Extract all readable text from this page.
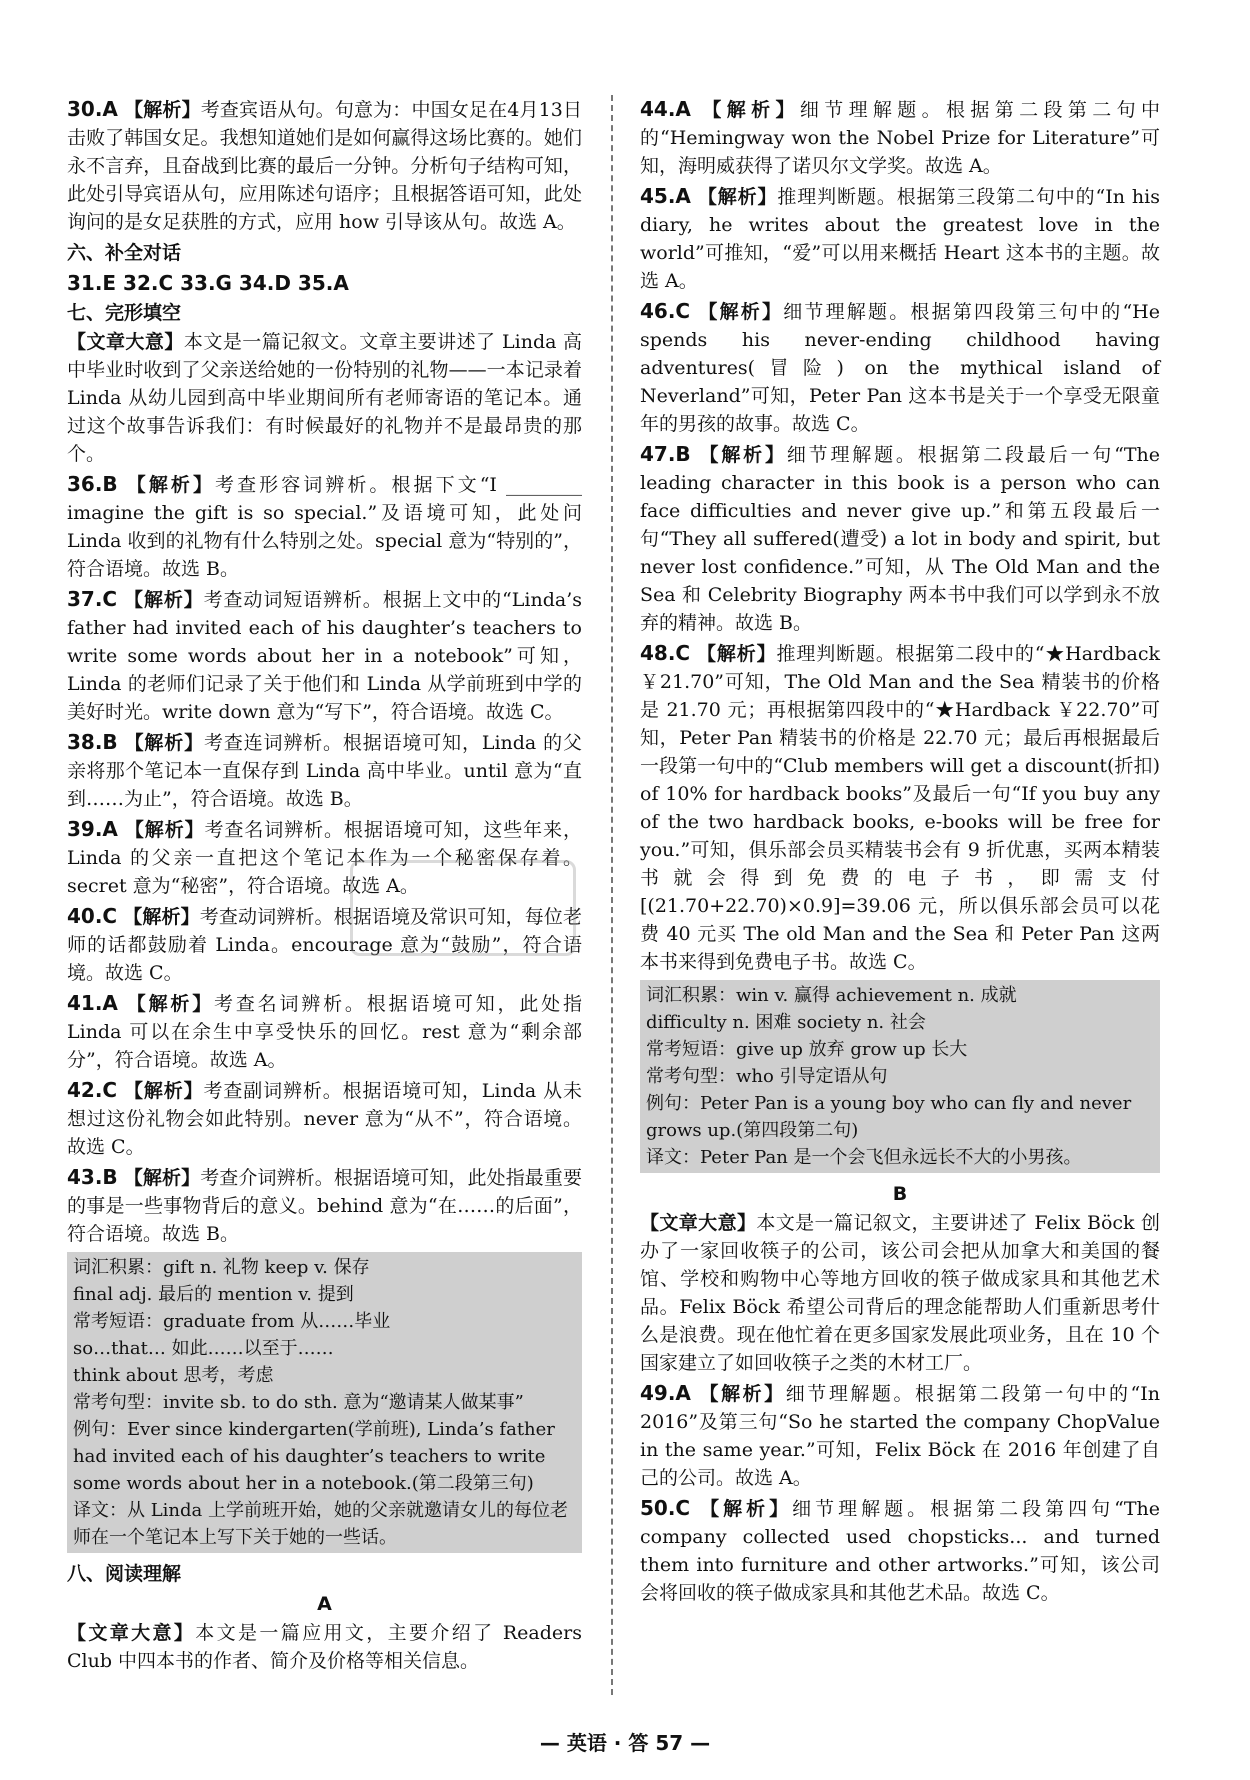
30.A 【解析】考查宾语从句。句意为：中国女足在4月13日击败了韩国女足。我想知道她们是如何赢得这场比赛的。她们永不言弃，且奋战到比赛的最后一分钟。分析句子结构可知，此处引导宾语从句，应用陈述句语序；且根据答语可知，此处询问的是女足获胜的方式，应用 how 引导该从句。故选 A。

六、补全对话

31.E 32.C 33.G 34.D 35.A

七、完形填空

【文章大意】本文是一篇记叙文。文章主要讲述了 Linda 高中毕业时收到了父亲送给她的一份特别的礼物——一本记录着 Linda 从幼儿园到高中毕业期间所有老师寄语的笔记本。通过这个故事告诉我们：有时候最好的礼物并不是最昂贵的那个。

36.B 【解析】考查形容词辨析。根据下文“I ________ imagine the gift is so special.”及语境可知，此处问 Linda 收到的礼物有什么特别之处。special 意为“特别的”，符合语境。故选 B。

37.C 【解析】考查动词短语辨析。根据上文中的“Linda’s father had invited each of his daughter’s teachers to write some words about her in a notebook”可知，Linda 的老师们记录了关于他们和 Linda 从学前班到中学的美好时光。write down 意为“写下”，符合语境。故选 C。

38.B 【解析】考查连词辨析。根据语境可知，Linda 的父亲将那个笔记本一直保存到 Linda 高中毕业。until 意为“直到……为止”，符合语境。故选 B。

39.A 【解析】考查名词辨析。根据语境可知，这些年来，Linda 的父亲一直把这个笔记本作为一个秘密保存着。secret 意为“秘密”，符合语境。故选 A。

40.C 【解析】考查动词辨析。根据语境及常识可知，每位老师的话都鼓励着 Linda。encourage 意为“鼓励”，符合语境。故选 C。

41.A 【解析】考查名词辨析。根据语境可知，此处指 Linda 可以在余生中享受快乐的回忆。rest 意为“剩余部分”，符合语境。故选 A。

42.C 【解析】考查副词辨析。根据语境可知，Linda 从未想过这份礼物会如此特别。never 意为“从不”，符合语境。故选 C。

43.B 【解析】考查介词辨析。根据语境可知，此处指最重要的事是一些事物背后的意义。behind 意为“在……的后面”，符合语境。故选 B。

词汇积累：gift n. 礼物 keep v. 保存

final adj. 最后的 mention v. 提到

常考短语：graduate from 从……毕业

so…that… 如此……以至于……

think about 思考，考虑

常考句型：invite sb. to do sth. 意为“邀请某人做某事”

例句：Ever since kindergarten(学前班), Linda’s father had invited each of his daughter’s teachers to write some words about her in a notebook.(第二段第三句)

译文：从 Linda 上学前班开始，她的父亲就邀请女儿的每位老师在一个笔记本上写下关于她的一些话。

八、阅读理解

A

【文章大意】本文是一篇应用文，主要介绍了 Readers Club 中四本书的作者、简介及价格等相关信息。

44.A 【解析】细节理解题。根据第二段第二句中的“Hemingway won the Nobel Prize for Literature”可知，海明威获得了诺贝尔文学奖。故选 A。

45.A 【解析】推理判断题。根据第三段第二句中的“In his diary, he writes about the greatest love in the world”可推知，“爱”可以用来概括 Heart 这本书的主题。故选 A。

46.C 【解析】细节理解题。根据第四段第三句中的“He spends his never-ending childhood having adventures(冒险) on the mythical island of Neverland”可知，Peter Pan 这本书是关于一个享受无限童年的男孩的故事。故选 C。

47.B 【解析】细节理解题。根据第二段最后一句“The leading character in this book is a person who can face difficulties and never give up.”和第五段最后一句“They all suffered(遭受) a lot in body and spirit, but never lost confidence.”可知，从 The Old Man and the Sea 和 Celebrity Biography 两本书中我们可以学到永不放弃的精神。故选 B。

48.C 【解析】推理判断题。根据第二段中的“★Hardback ￥21.70”可知，The Old Man and the Sea 精装书的价格是 21.70 元；再根据第四段中的“★Hardback ￥22.70”可知，Peter Pan 精装书的价格是 22.70 元；最后再根据最后一段第一句中的“Club members will get a discount(折扣) of 10% for hardback books”及最后一句“If you buy any of the two hardback books, e-books will be free for you.”可知，俱乐部会员买精装书会有 9 折优惠，买两本精装书就会得到免费的电子书，即需支付[(21.70+22.70)×0.9]=39.06 元，所以俱乐部会员可以花费 40 元买 The old Man and the Sea 和 Peter Pan 这两本书来得到免费电子书。故选 C。

词汇积累：win v. 赢得 achievement n. 成就

difficulty n. 困难 society n. 社会

常考短语：give up 放弃 grow up 长大

常考句型：who 引导定语从句

例句：Peter Pan is a young boy who can fly and never grows up.(第四段第二句)

译文：Peter Pan 是一个会飞但永远长不大的小男孩。

B

【文章大意】本文是一篇记叙文，主要讲述了 Felix Böck 创办了一家回收筷子的公司，该公司会把从加拿大和美国的餐馆、学校和购物中心等地方回收的筷子做成家具和其他艺术品。Felix Böck 希望公司背后的理念能帮助人们重新思考什么是浪费。现在他忙着在更多国家发展此项业务，且在 10 个国家建立了如回收筷子之类的木材工厂。

49.A 【解析】细节理解题。根据第二段第一句中的“In 2016”及第三句“So he started the company ChopValue in the same year.”可知，Felix Böck 在 2016 年创建了自己的公司。故选 A。

50.C 【解析】细节理解题。根据第二段第四句“The company collected used chopsticks... and turned them into furniture and other artworks.”可知，该公司会将回收的筷子做成家具和其他艺术品。故选 C。

— 英语 · 答 57 —
